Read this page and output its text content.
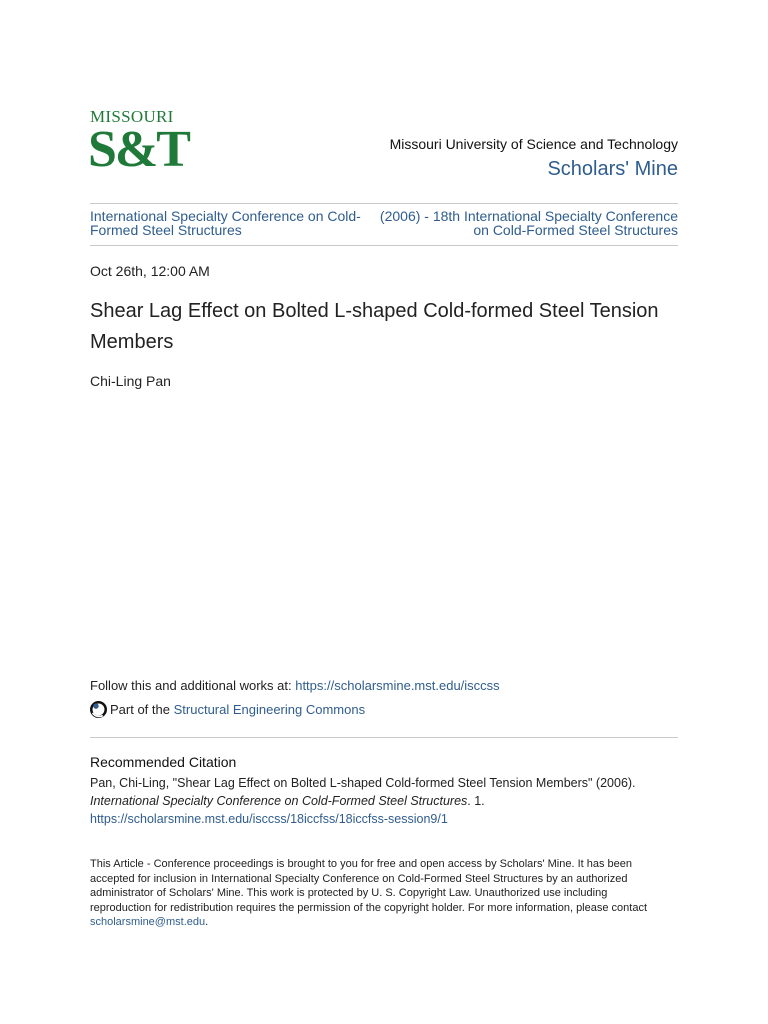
MISSOURI
S&T	Missouri University of Science and Technology
Scholars' Mine
International Specialty Conference on Cold-Formed Steel Structures
(2006) - 18th International Specialty Conference on Cold-Formed Steel Structures
Oct 26th, 12:00 AM
Shear Lag Effect on Bolted L-shaped Cold-formed Steel Tension Members
Chi-Ling Pan
Follow this and additional works at: https://scholarsmine.mst.edu/isccss
Part of the
Structural Engineering Commons
Recommended Citation
Pan, Chi-Ling, "Shear Lag Effect on Bolted L-shaped Cold-formed Steel Tension Members" (2006).
International Specialty Conference on Cold-Formed Steel Structures. 1.
https://scholarsmine.mst.edu/isccss/18iccfss/18iccfss-session9/1
This Article - Conference proceedings is brought to you for free and open access by Scholars' Mine. It has been accepted for inclusion in International Specialty Conference on Cold-Formed Steel Structures by an authorized administrator of Scholars' Mine. This work is protected by U. S. Copyright Law. Unauthorized use including reproduction for redistribution requires the permission of the copyright holder. For more information, please contact scholarsmine@mst.edu.
